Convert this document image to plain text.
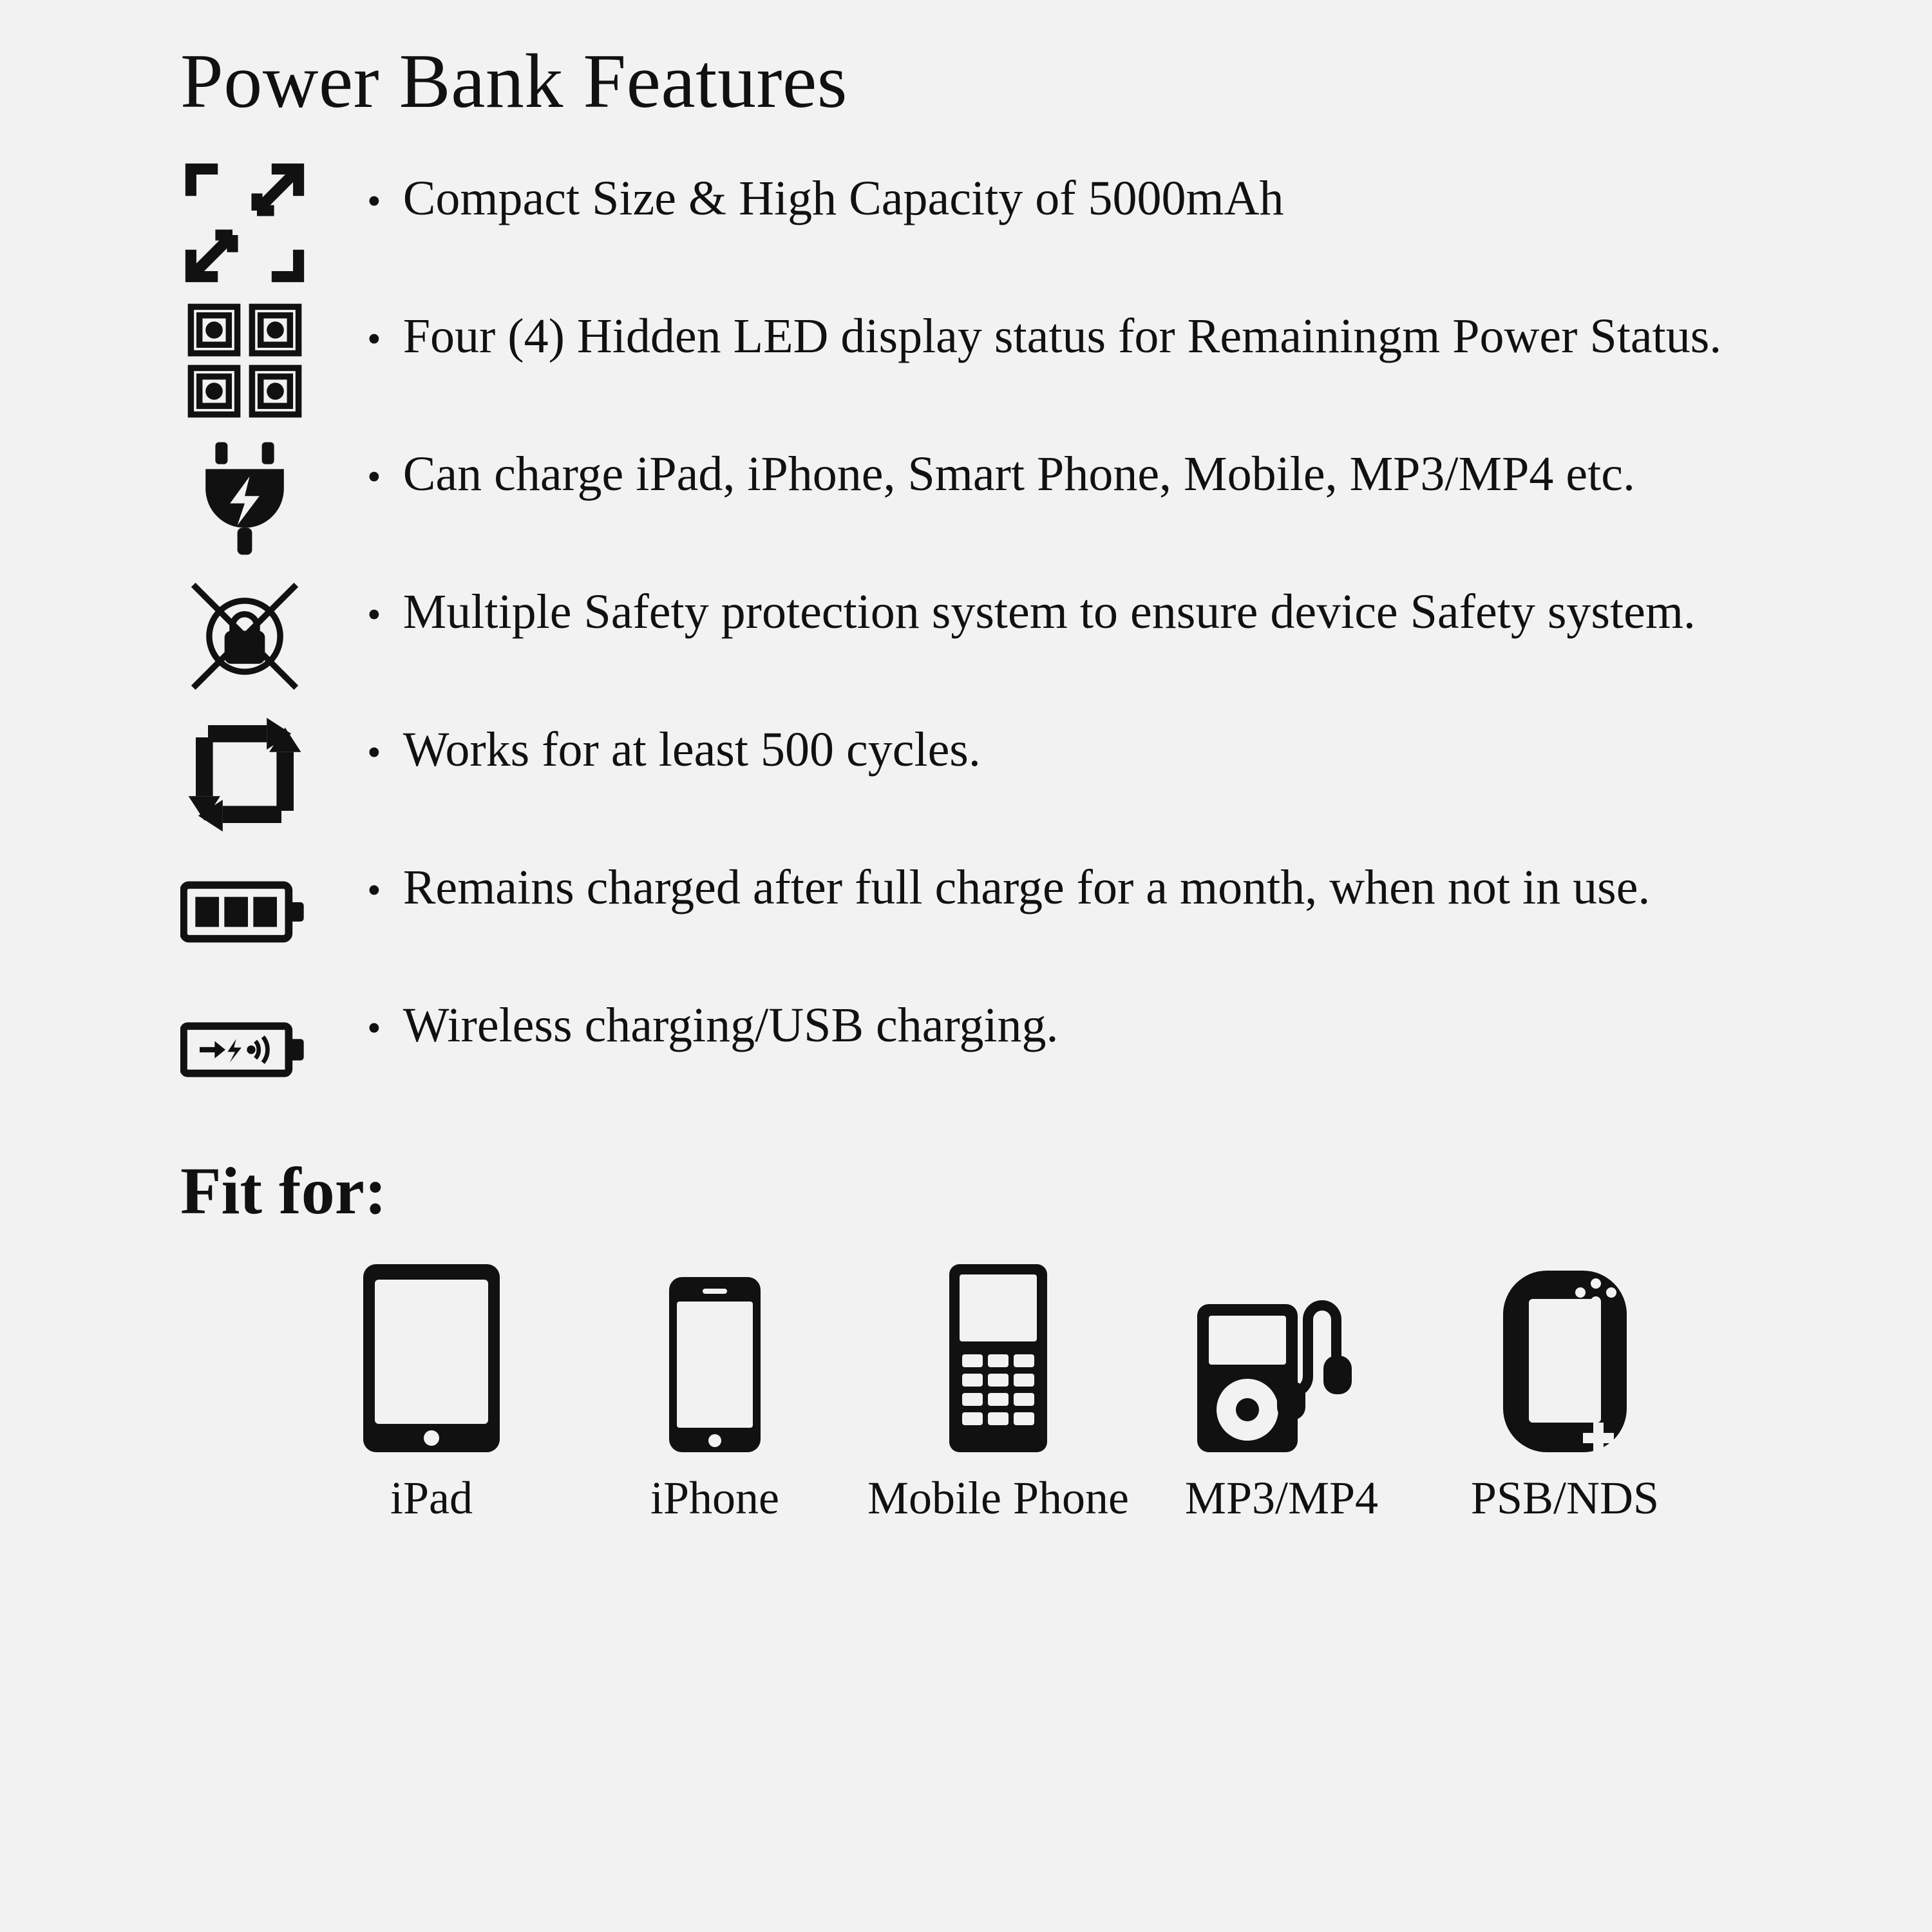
Power Bank Features
• Compact Size & High Capacity of 5000mAh
• Four (4) Hidden LED display status for Remainingm Power Status.
• Can charge iPad, iPhone, Smart Phone, Mobile, MP3/MP4 etc.
• Multiple Safety protection system to ensure device Safety system.
• Works for at least 500 cycles.
• Remains charged after full charge for a month, when not in use.
• Wireless charging/USB charging.
Fit for:
iPad	iPhone Mobile Phone MP3/MP4 PSB/NDS
